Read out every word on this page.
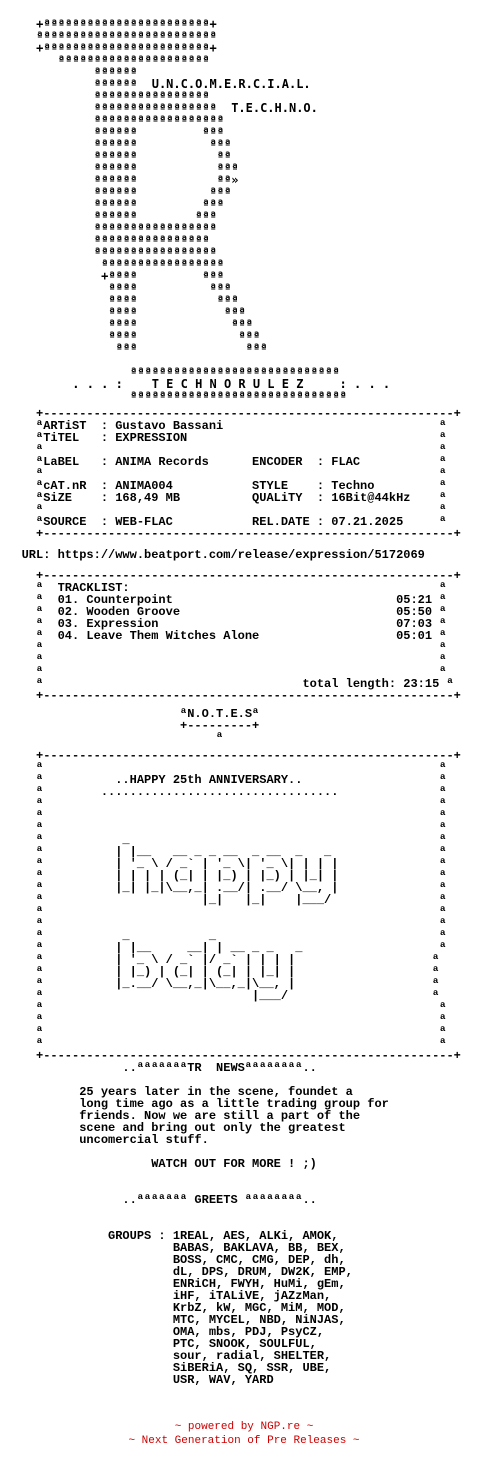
+ªªªªªªªªªªªªªªªªªªªªªªª+
ªªªªªªªªªªªªªªªªªªªªªªªªª
+ªªªªªªªªªªªªªªªªªªªªªªª+
ªªªªªªªªªªªªªªªªªªªªª
ªªªªªª
ªªªªªª  U.N.C.O.M.E.R.C.I.A.L.
ªªªªªªªªªªªªªªªª
ªªªªªªªªªªªªªªªªª  T.E.C.H.N.O.
ªªªªªªªªªªªªªªªªªª
ªªªªªª         ªªª
ªªªªªª          ªªª
ªªªªªª           ªª
ªªªªªª           ªªª
ªªªªªª           ªª»
ªªªªªª          ªªª
ªªªªªª         ªªª
ªªªªªª        ªªª
ªªªªªªªªªªªªªªªªª
ªªªªªªªªªªªªªªªª
ªªªªªªªªªªªªªªªªª
ªªªªªªªªªªªªªªªªª
+ªªªª         ªªª
ªªªª          ªªª
ªªªª           ªªª
ªªªª            ªªª
ªªªª             ªªª
ªªªª              ªªª
ªªª               ªªª

ªªªªªªªªªªªªªªªªªªªªªªªªªªªªª
. . . :    T E C H N O R U L E Z     : . . .
ªªªªªªªªªªªªªªªªªªªªªªªªªªªªªª
+---------------------------------------------------------+
ªARTiST  : Gustavo Bassani                              ª
ªTiTEL   : EXPRESSION                                   ª
ª                                                       ª
ªLaBEL   : ANIMA Records      ENCODER  : FLAC           ª
ª                                                       ª
ªcAT.nR  : ANIMA004           STYLE    : Techno         ª
ªSiZE    : 168,49 MB          QUALiTY  : 16Bit@44kHz    ª
ª                                                       ª
ªSOURCE  : WEB-FLAC           REL.DATE : 07.21.2025     ª
+---------------------------------------------------------+
URL: https://www.beatport.com/release/expression/5172069
+---------------------------------------------------------+
ª  TRACKLIST:                                           ª
ª  01. Counterpoint                               05:21 ª
ª  02. Wooden Groove                              05:50 ª
ª  03. Expression                                 07:03 ª
ª  04. Leave Them Witches Alone                   05:01 ª
ª                                                       ª
ª                                                       ª
ª                                                       ª
ª                                    total length: 23:15 ª
+---------------------------------------------------------+
ªN.O.T.E.Sª
+---------+
ª
+---------------------------------------------------------+
ª                                                       ª
ª          ..HAPPY 25th ANNIVERSARY..                   ª
ª        .................................              ª
ª                                                       ª
ª                                                       ª
ª                                                       ª
ª           _                                           ª
ª          | |__   __ _ _ __  _ __  _   _               ª
ª          | '_ \ / _` | '_ \| '_ \| | | |              ª
ª          | | | | (_| | |_) | |_) | |_| |              ª
ª          |_| |_|\__,_| .__/| .__/ \__, |              ª
ª                      |_|   |_|    |___/               ª
ª                                                       ª
ª                                                       ª
ª           _           _                               ª
ª          | |__     __| | __ _ _   _                   ª
ª          | '_ \ / _` |/ _` | | | |                   ª
ª          | |_) | (_| | (_| | |_| |                   ª
ª          |_.__/ \__,_|\__,_|\__, |                   ª
ª                             |___/                    ª
ª                                                       ª
ª                                                       ª
ª                                                       ª
ª                                                       ª
+---------------------------------------------------------+
..ªªªªªªªTR  NEWSªªªªªªªª..
25 years later in the scene, foundet a
long time ago as a little trading group for
friends. Now we are still a part of the
scene and bring out only the greatest
uncomercial stuff.
WATCH OUT FOR MORE ! ;)
..ªªªªªªª GREETS ªªªªªªªª..
GROUPS : 1REAL, AES, ALKi, AMOK,
BABAS, BAKLAVA, BB, BEX,
BOSS, CMC, CMG, DEP, dh,
dL, DPS, DRUM, DW2K, EMP,
ENRiCH, FWYH, HuMi, gEm,
iHF, iTALiVE, jAZzMan,
KrbZ, kW, MGC, MiM, MOD,
MTC, MYCEL, NBD, NiNJAS,
OMA, mbs, PDJ, PsyCZ,
PTC, SNOOK, SOULFUL,
sour, radial, SHELTER,
SiBERiA, SQ, SSR, UBE,
USR, WAV, YARD
~ powered by NGP.re ~
~ Next Generation of Pre Releases ~
